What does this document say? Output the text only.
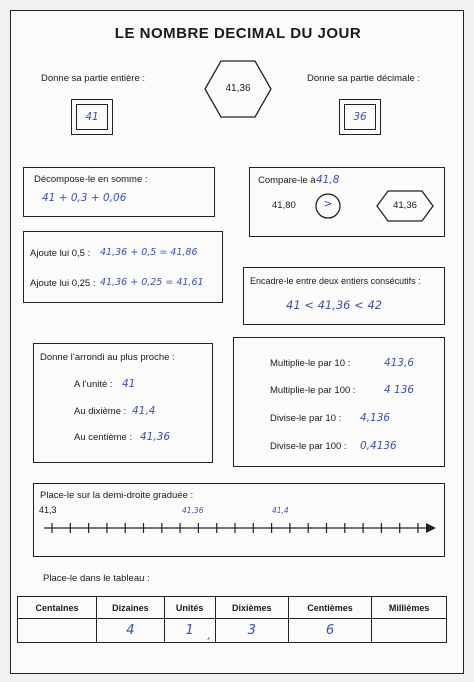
LE NOMBRE DECIMAL DU JOUR
Donne sa partie entière :
41
41,36
Donne sa partie décimale :
36
Décompose-le en somme :
41 + 0,3 + 0,06
Compare-le à 41,8
41,80	>	41,36
Ajoute lui 0,5 : 41,36 + 0,5 = 41,86
Ajoute lui 0,25 : 41,36 + 0,25 = 41,61	Encadre-le entre deux entiers consécutifs :
41 < 41,36 < 42
Donne l’arrondi au plus proche :
A l’unité : 41
Au dixième : 41,4
Au centième : 41,36
Multiplie-le par 10 :	413,6
Multiplie-le par 100 :	4 136
Divise-le par 10 : 4,136
Divise-le par 100 : 0,4136
Place-le sur la demi-droite graduée :
41,3	41,36	41,4
Place-le dans le tableau :
Centaines	Dizaines	Unités	Dixièmes	Centièmes	Millièmes
	4	1 ,	3	6	
